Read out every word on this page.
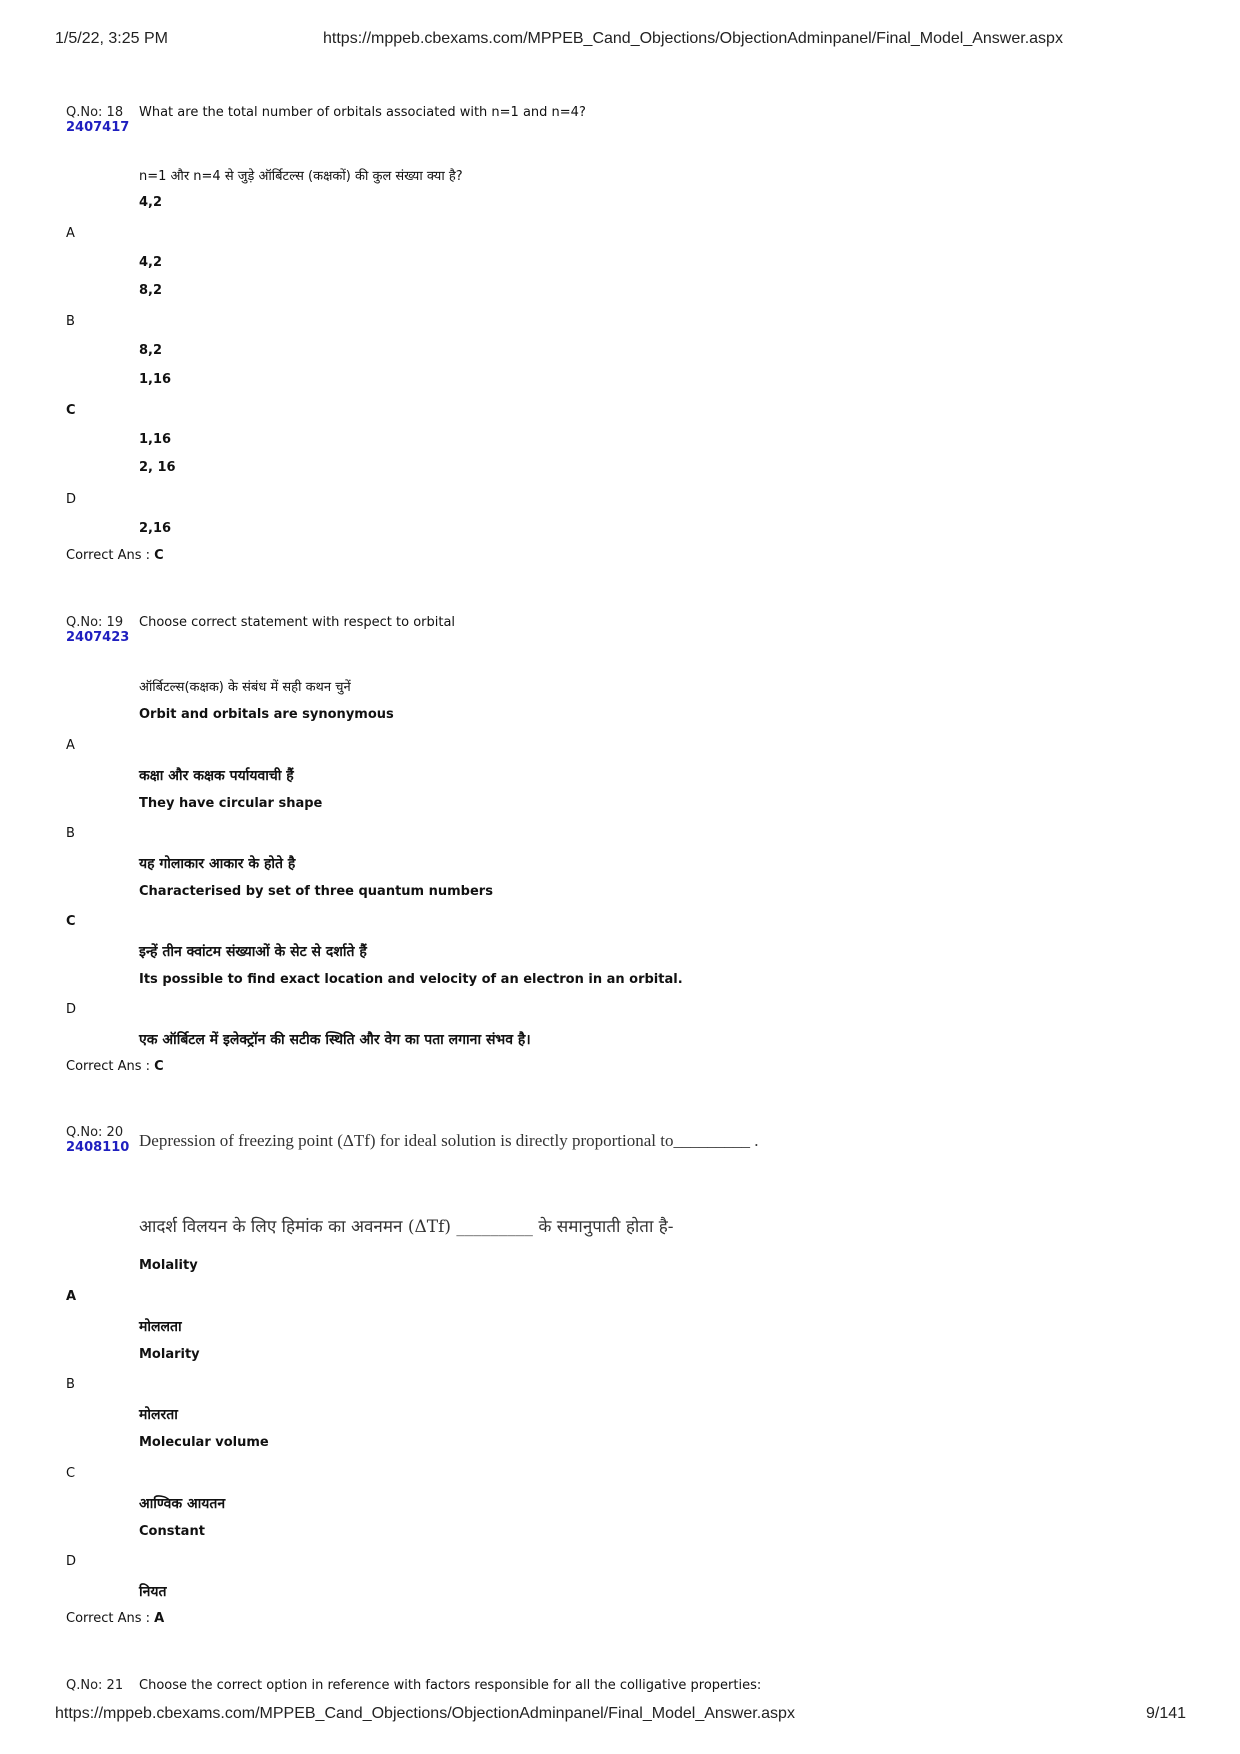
1/5/22, 3:25 PM	https://mppeb.cbexams.com/MPPEB_Cand_Objections/ObjectionAdminpanel/Final_Model_Answer.aspx
Q.No: 18
2407417
What are the total number of orbitals associated with n=1 and n=4?
n=1 और n=4 से जुड़े ऑर्बिटल्स (कक्षकों) की कुल संख्या क्या है?
4,2
A
4,2
8,2
B
8,2
1,16
C
1,16
2, 16
D
2,16
Correct Ans : C
Q.No: 19
2407423
Choose correct statement with respect to orbital
ऑर्बिटल्स(कक्षक) के संबंध में सही कथन चुनें
Orbit and orbitals are synonymous
A
कक्षा और कक्षक पर्यायवाची हैं
They have circular shape
B
यह गोलाकार आकार के होते है
Characterised by set of three quantum numbers
C
इन्हें तीन क्वांटम संख्याओं के सेट से दर्शाते हैं
Its possible to find exact location and velocity of an electron in an orbital.
D
एक ऑर्बिटल में इलेक्ट्रॉन की सटीक स्थिति और वेग का पता लगाना संभव है।
Correct Ans : C
Q.No: 20
2408110 Depression of freezing point (ΔTf) for ideal solution is directly proportional to_________ .
आदर्श विलयन के लिए हिमांक का अवनमन (ΔTf) _________ के समानुपाती होता है-
Molality
A
मोललता
Molarity
B
मोलरता
Molecular volume
C
आण्विक आयतन
Constant
D
नियत
Correct Ans : A
Q.No: 21 Choose the correct option in reference with factors responsible for all the colligative properties:
https://mppeb.cbexams.com/MPPEB_Cand_Objections/ObjectionAdminpanel/Final_Model_Answer.aspx	9/141
